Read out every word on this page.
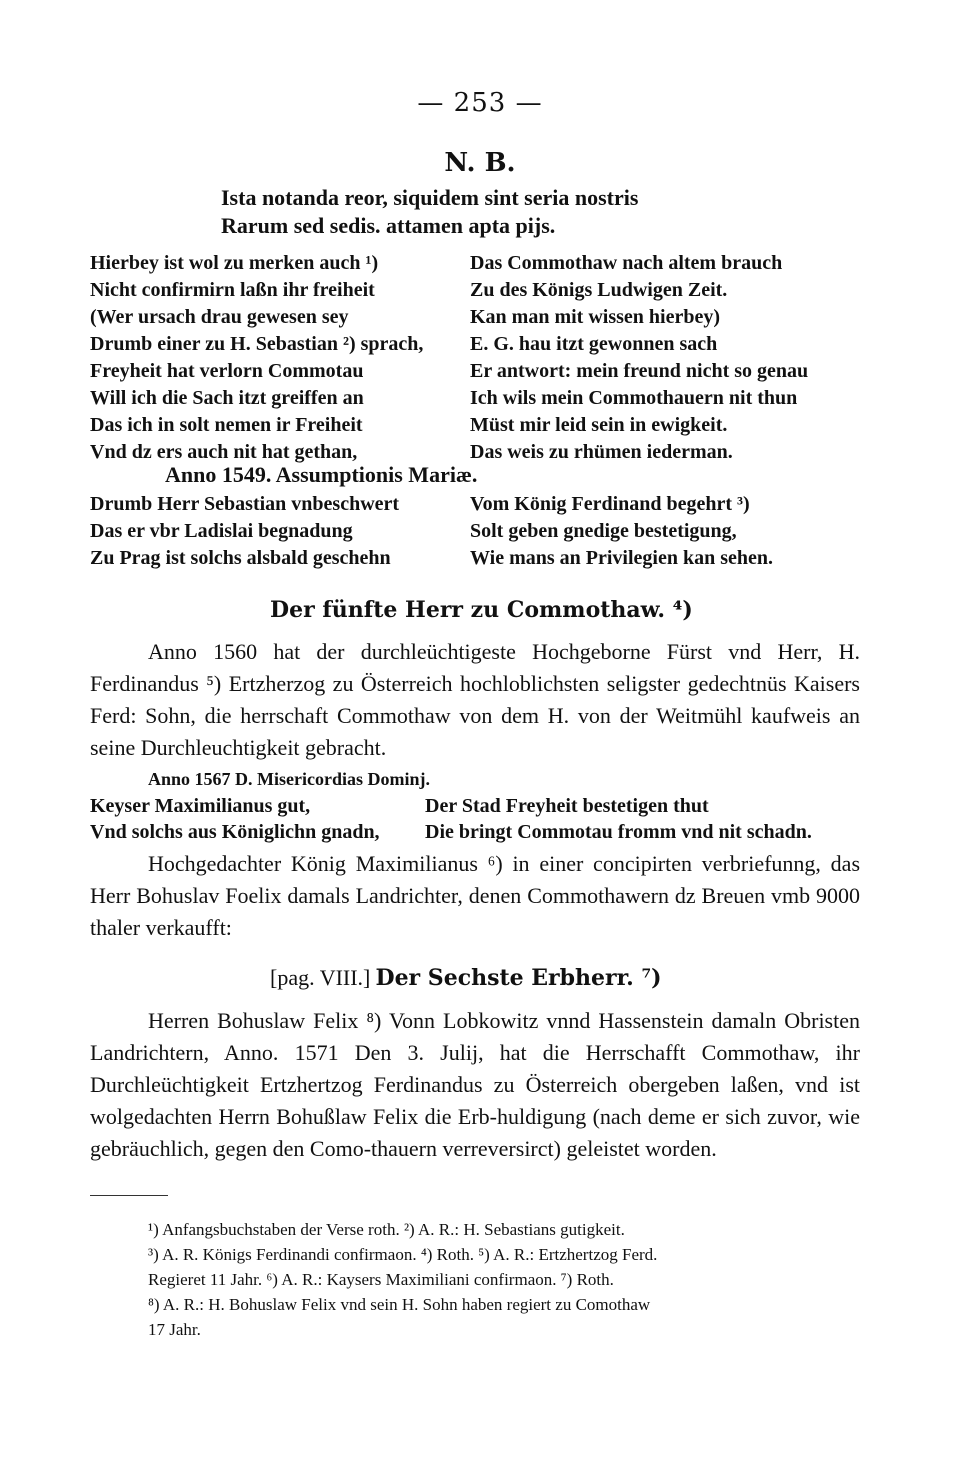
— 253 —
N. B.
Ista notanda reor, siquidem sint seria nostris
Rarum sed sedis. attamen apta pijs.
Hierbey ist wol zu merken auch ¹)
Nicht confirmirn laßn ihr freiheit
(Wer ursach drau gewesen sey
Drumb einer zu H. Sebastian ²) sprach,
Freyheit hat verlorn Commotau
Will ich die Sach itzt greiffen an
Das ich in solt nemen ir Freiheit
Vnd dz ers auch nit hat gethan,
Das Commothaw nach altem brauch
Zu des Königs Ludwigen Zeit.
Kan man mit wissen hierbey)
E. G. hau itzt gewonnen sach
Er antwort: mein freund nicht so genau
Ich wils mein Commothauern nit thun
Müst mir leid sein in ewigkeit.
Das weis zu rhümen iederman.
Anno 1549. Assumptionis Mariæ.
Drumb Herr Sebastian vnbeschwert
Das er vbr Ladislai begnadung
Zu Prag ist solchs alsbald geschehn
Vom König Ferdinand begehrt ³)
Solt geben gnedige bestetigung,
Wie mans an Privilegien kan sehen.
Der fünfte Herr zu Commothaw. ⁴)
Anno 1560 hat der durchleüchtigeste Hochgeborne Fürst vnd Herr, H. Ferdinandus ⁵) Ertzherzog zu Österreich hochloblichsten seligster gedechtnüs Kaisers Ferd: Sohn, die herrschaft Commothaw von dem H. von der Weitmühl kaufweis an seine Durchleuchtigkeit gebracht.
Anno 1567 D. Misericordias Dominj.
Keyser Maximilianus gut,
Vnd solchs aus Königlichn gnadn,
Der Stad Freyheit bestetigen thut
Die bringt Commotau fromm vnd nit schadn.
Hochgedachter König Maximilianus ⁶) in einer concipirten verbriefunng, das Herr Bohuslav Foelix damals Landrichter, denen Commothawern dz Breuen vmb 9000 thaler verkaufft:
[pag. VIII.] Der Sechste Erbherr. ⁷)
Herren Bohuslaw Felix ⁸) Vonn Lobkowitz vnnd Hassenstein damaln Obristen Landrichtern, Anno. 1571 Den 3. Julij, hat die Herrschafft Commothaw, ihr Durchleüchtigkeit Ertzhertzog Ferdinandus zu Österreich obergeben laßen, vnd ist wolgedachten Herrn Bohußlaw Felix die Erb-huldigung (nach deme er sich zuvor, wie gebräuchlich, gegen den Como-thauern verreversirct) geleistet worden.
¹) Anfangsbuchstaben der Verse roth. ²) A. R.: H. Sebastians gutigkeit.
³) A. R. Königs Ferdinandi confirmaon. ⁴) Roth. ⁵) A. R.: Ertzhertzog Ferd.
Regieret 11 Jahr. ⁶) A. R.: Kaysers Maximiliani confirmaon. ⁷) Roth.
⁸) A. R.: H. Bohuslaw Felix vnd sein H. Sohn haben regiert zu Comothaw
17 Jahr.
